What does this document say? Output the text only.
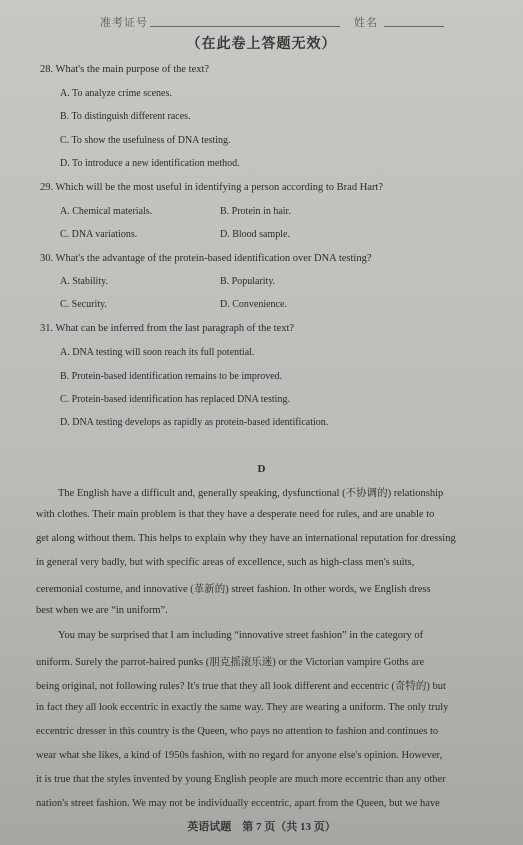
准考证号	姓名
（在此卷上答题无效）
28. What's the main purpose of the text?
A. To analyze crime scenes.
B. To distinguish different races.
C. To show the usefulness of DNA testing.
D. To introduce a new identification method.
29. Which will be the most useful in identifying a person according to Brad Hart?
A. Chemical materials.	B. Protein in hair.
C. DNA variations.	D. Blood sample.
30. What's the advantage of the protein-based identification over DNA testing?
A. Stability.	B. Popularity.
C. Security.	D. Convenience.
31. What can be inferred from the last paragraph of the text?
A. DNA testing will soon reach its full potential.
B. Protein-based identification remains to be improved.
C. Protein-based identification has replaced DNA testing.
D. DNA testing develops as rapidly as protein-based identification.
D
The English have a difficult and, generally speaking, dysfunctional (不协调的) relationship
with clothes. Their main problem is that they have a desperate need for rules, and are unable to
get along without them. This helps to explain why they have an international reputation for dressing
in general very badly, but with specific areas of excellence, such as high-class men's suits,
ceremonial costume, and innovative (革新的) street fashion. In other words, we English dress
best when we are “in uniform”.
You may be surprised that I am including “innovative street fashion” in the category of
uniform. Surely the parrot-haired punks (朋克摇滚乐迷) or the Victorian vampire Goths are
being original, not following rules? It's true that they all look different and eccentric (奇特的) but
in fact they all look eccentric in exactly the same way. They are wearing a uniform. The only truly
eccentric dresser in this country is the Queen, who pays no attention to fashion and continues to
wear what she likes, a kind of 1950s fashion, with no regard for anyone else's opinion. However,
it is true that the styles invented by young English people are much more eccentric than any other
nation's street fashion. We may not be individually eccentric, apart from the Queen, but we have
英语试题　第 7 页（共 13 页）
